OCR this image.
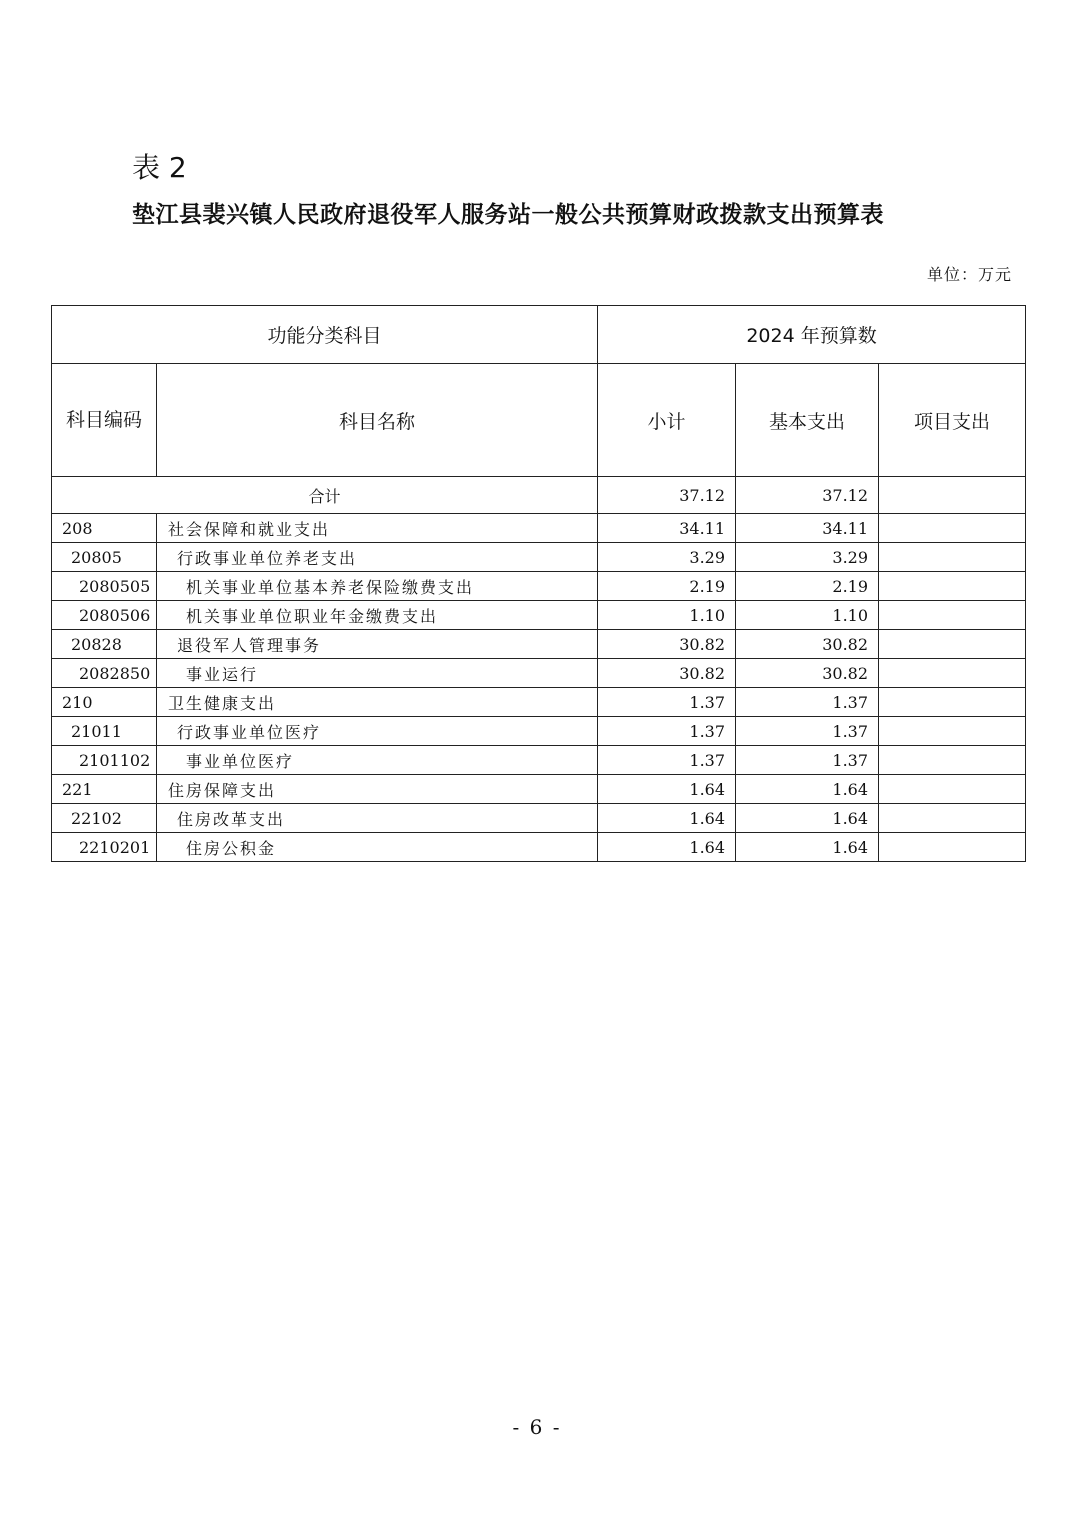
表 2
垫江县裴兴镇人民政府退役军人服务站一般公共预算财政拨款支出预算表
单位：万元
功能分类科目		2024 年预算数		
科目编码	科目名称	小计	基本支出	项目支出
合计		37.12	37.12	
208	社会保障和就业支出	34.11	34.11	
20805	行政事业单位养老支出	3.29	3.29	
2080505	机关事业单位基本养老保险缴费支出	2.19	2.19	
2080506	机关事业单位职业年金缴费支出	1.10	1.10	
20828	退役军人管理事务	30.82	30.82	
2082850	事业运行	30.82	30.82	
210	卫生健康支出	1.37	1.37	
21011	行政事业单位医疗	1.37	1.37	
2101102	事业单位医疗	1.37	1.37	
221	住房保障支出	1.64	1.64	
22102	住房改革支出	1.64	1.64	
2210201	住房公积金	1.64	1.64	
- 6 -
